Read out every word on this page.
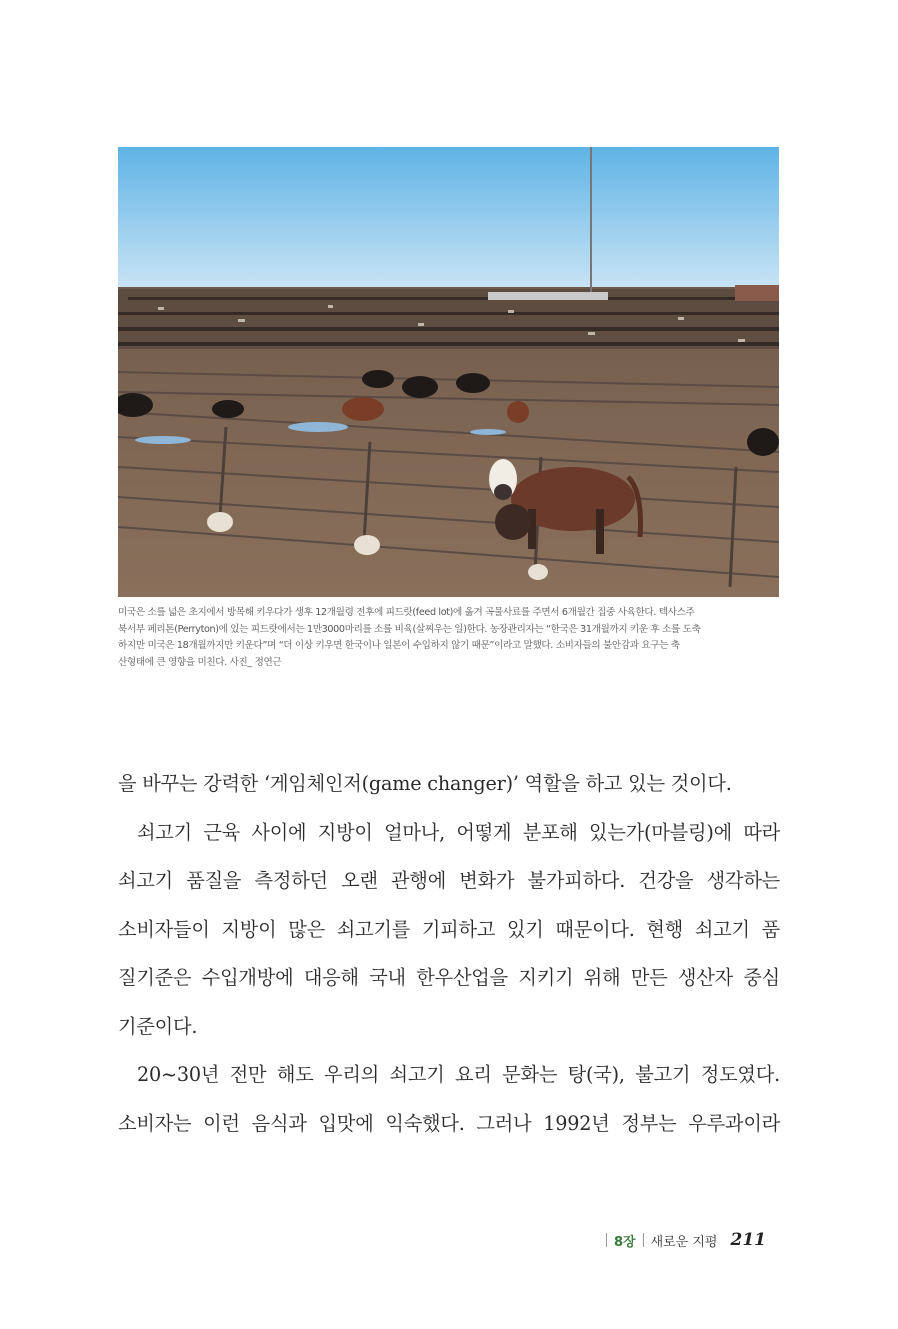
미국은 소를 넓은 초지에서 방목해 키우다가 생후 12개월령 전후에 피드랏(feed lot)에 옮겨 곡물사료를 주면서 6개월간 집중 사육한다. 텍사스주
북서부 페리톤(Perryton)에 있는 피드랏에서는 1만3000마리를 소를 비육(살찌우는 일)한다. 농장관리자는 “한국은 31개월까지 키운 후 소를 도축
하지만 미국은 18개월까지만 키운다”며 “더 이상 키우면 한국이나 일본이 수입하지 않기 때문”이라고 말했다. 소비자들의 불안감과 요구는 축
산형태에 큰 영향을 미친다. 사진_ 정연근
을 바꾸는 강력한 ‘게임체인저(game changer)’ 역할을 하고 있는 것이다.
쇠고기 근육 사이에 지방이 얼마나, 어떻게 분포해 있는가(마블링)에 따라
쇠고기 품질을 측정하던 오랜 관행에 변화가 불가피하다. 건강을 생각하는
소비자들이 지방이 많은 쇠고기를 기피하고 있기 때문이다. 현행 쇠고기 품
질기준은 수입개방에 대응해 국내 한우산업을 지키기 위해 만든 생산자 중심
기준이다.
20~30년 전만 해도 우리의 쇠고기 요리 문화는 탕(국), 불고기 정도였다.
소비자는 이런 음식과 입맛에 익숙했다. 그러나 1992년 정부는 우루과이라
8장 새로운 지평 211
